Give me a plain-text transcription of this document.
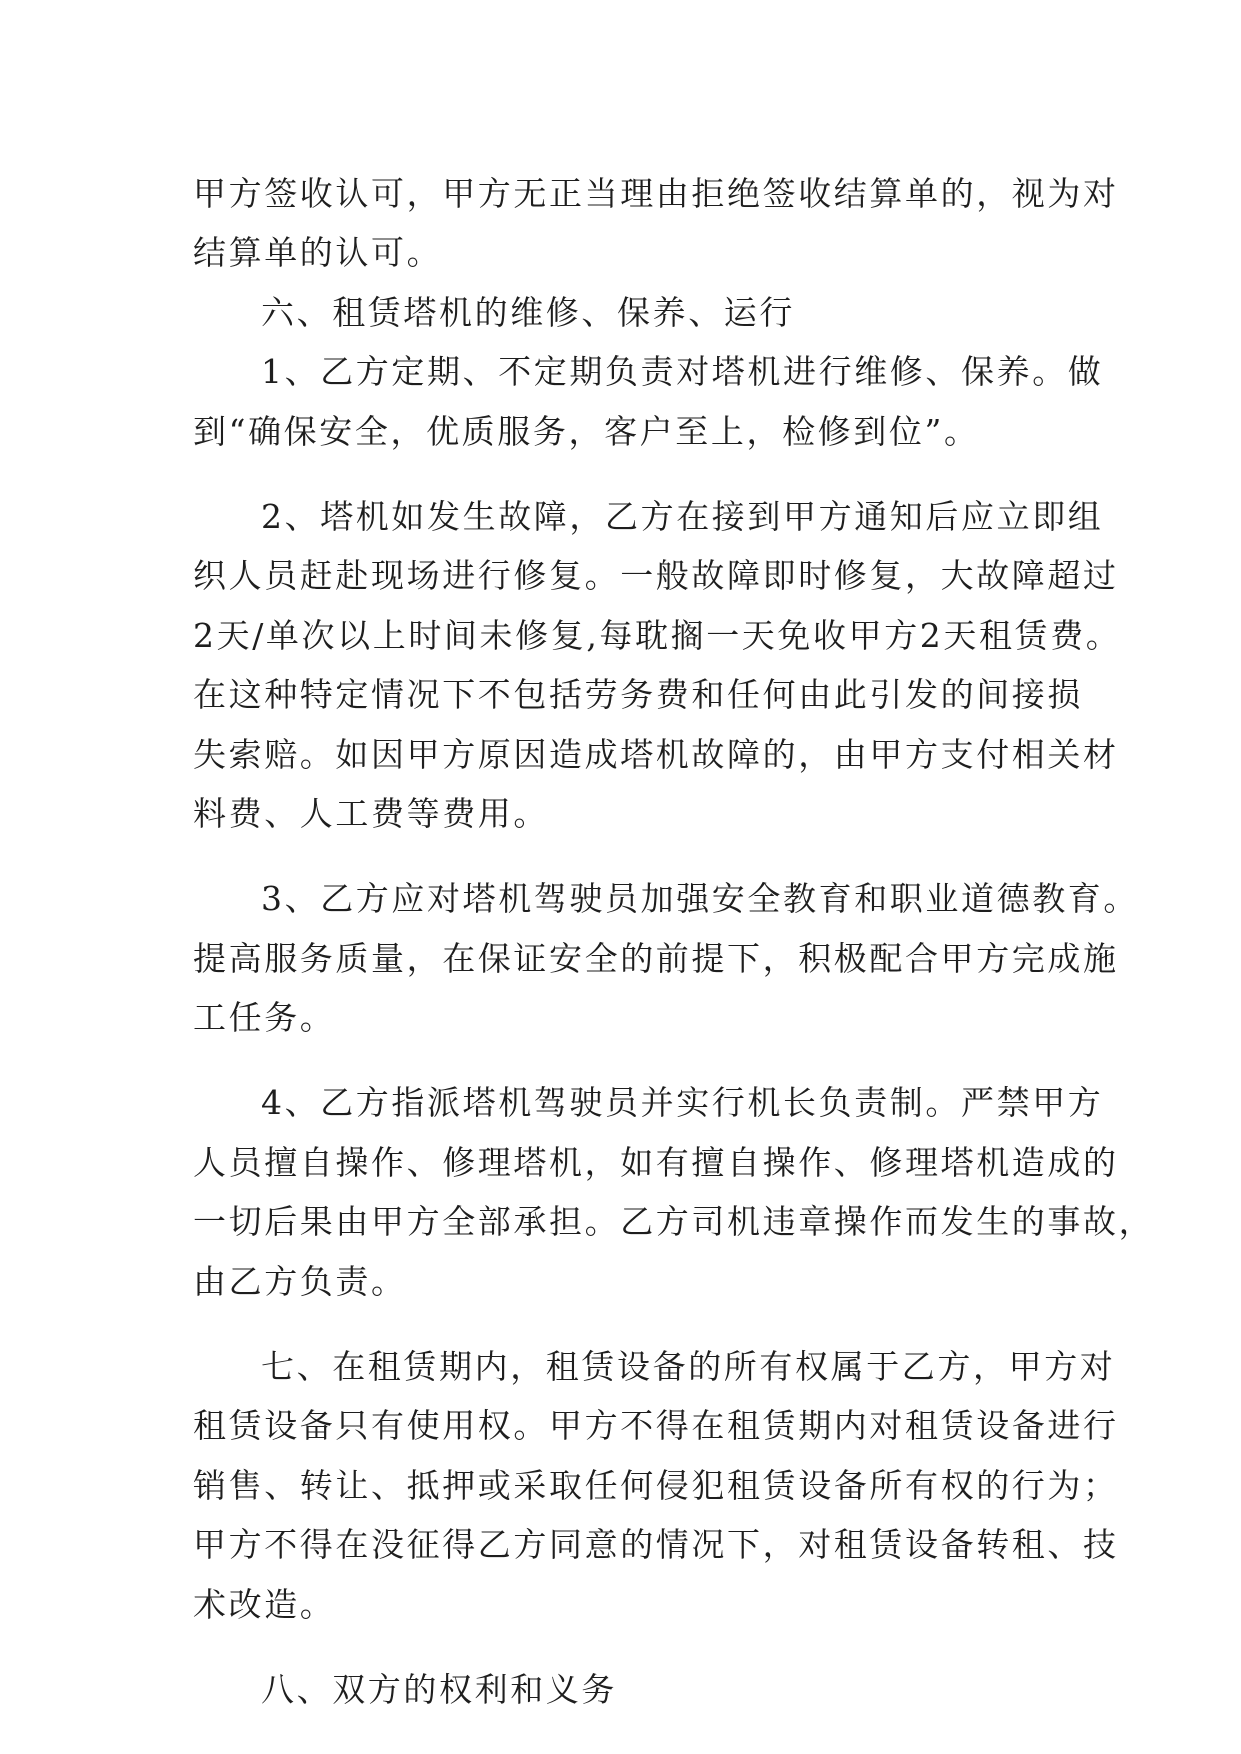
甲方签收认可，甲方无正当理由拒绝签收结算单的，视为对
结算单的认可。

六、租赁塔机的维修、保养、运行

1、乙方定期、不定期负责对塔机进行维修、保养。做
到“确保安全，优质服务，客户至上，检修到位”。

2、塔机如发生故障，乙方在接到甲方通知后应立即组
织人员赶赴现场进行修复。一般故障即时修复，大故障超过
2天/单次以上时间未修复,每耽搁一天免收甲方2天租赁费。
在这种特定情况下不包括劳务费和任何由此引发的间接损
失索赔。如因甲方原因造成塔机故障的，由甲方支付相关材
料费、人工费等费用。

3、乙方应对塔机驾驶员加强安全教育和职业道德教育。
提高服务质量，在保证安全的前提下，积极配合甲方完成施
工任务。

4、乙方指派塔机驾驶员并实行机长负责制。严禁甲方
人员擅自操作、修理塔机，如有擅自操作、修理塔机造成的
一切后果由甲方全部承担。乙方司机违章操作而发生的事故，
由乙方负责。

七、在租赁期内，租赁设备的所有权属于乙方，甲方对
租赁设备只有使用权。甲方不得在租赁期内对租赁设备进行
销售、转让、抵押或采取任何侵犯租赁设备所有权的行为；
甲方不得在没征得乙方同意的情况下，对租赁设备转租、技
术改造。

八、双方的权利和义务
